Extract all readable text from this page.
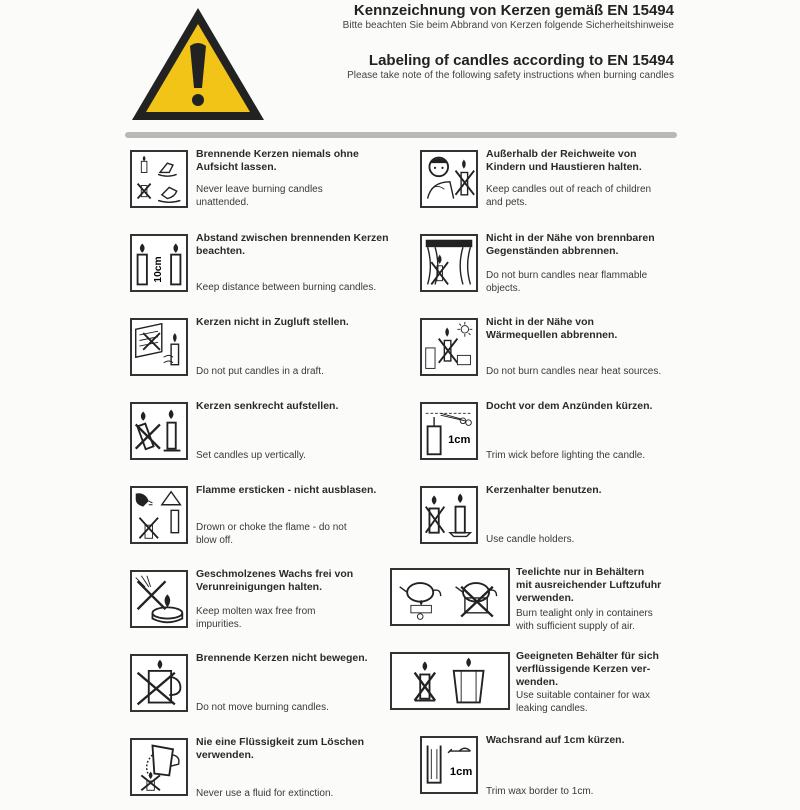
Kennzeichnung von Kerzen gemäß EN 15494
Bitte beachten Sie beim Abbrand von Kerzen folgende Sicherheitshinweise
Labeling of candles according to EN 15494
Please take note of the following safety instructions when burning candles
Brennende Kerzen niemals ohne
Aufsicht lassen.
Never leave burning candles
unattended.
10cm
Abstand zwischen brennenden Kerzen
beachten.
Keep distance between burning candles.
Kerzen nicht in Zugluft stellen.
Do not put candles in a draft.
Kerzen senkrecht aufstellen.
Set candles up vertically.
Flamme ersticken - nicht ausblasen.
Drown or choke the flame - do not
blow off.
Geschmolzenes Wachs frei von
Verunreinigungen halten.
Keep molten wax free from
impurities.
Brennende Kerzen nicht bewegen.
Do not move burning candles.
Nie eine Flüssigkeit zum Löschen
verwenden.
Never use a fluid for extinction.
Außerhalb der Reichweite von
Kindern und Haustieren halten.
Keep candles out of reach of children
and pets.
Nicht in der Nähe von brennbaren
Gegenständen abbrennen.
Do not burn candles near flammable
objects.
Nicht in der Nähe von
Wärmequellen abbrennen.
Do not burn candles near heat sources.
1cm
Docht vor dem Anzünden kürzen.
Trim wick before lighting the candle.
Kerzenhalter benutzen.
Use candle holders.
Teelichte nur in Behältern
mit ausreichender Luftzufuhr
verwenden.
Burn tealight only in containers
with sufficient supply of air.
Geeigneten Behälter für sich
verflüssigende Kerzen ver-
wenden.
Use suitable container for wax
leaking candles.
1cm
Wachsrand auf 1cm kürzen.
Trim wax border to 1cm.
